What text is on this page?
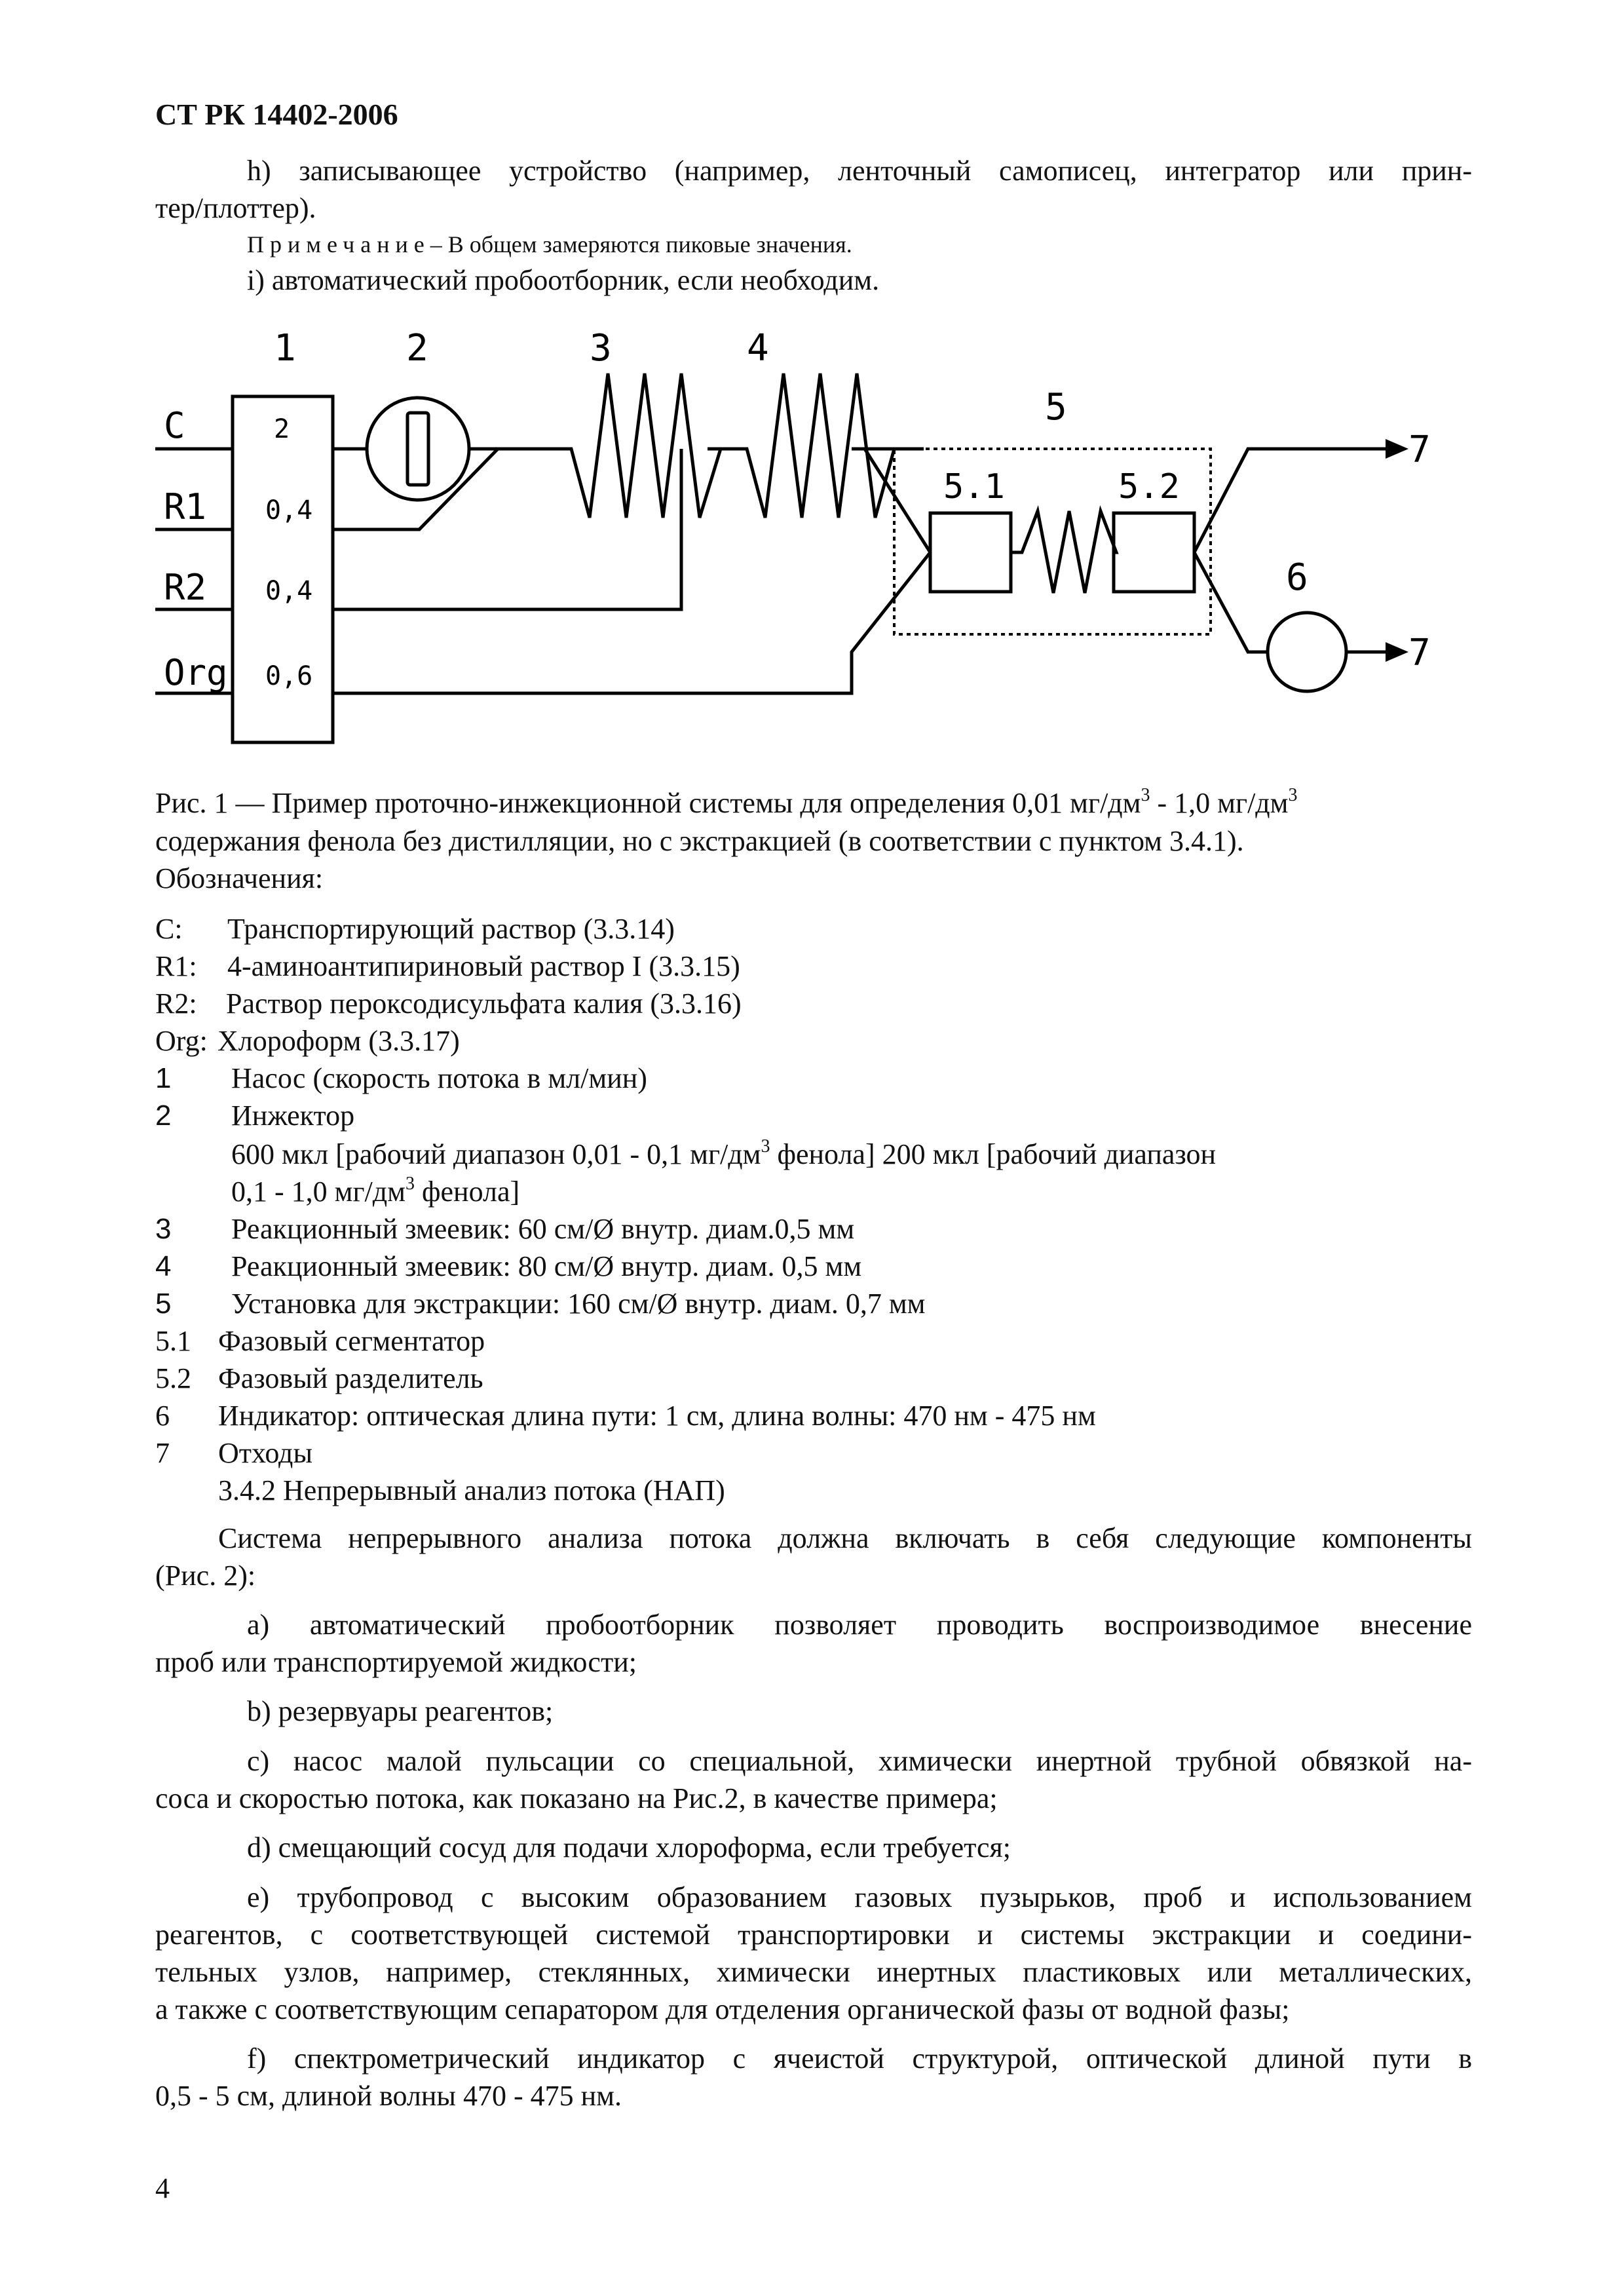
СТ РК 14402-2006
h) записывающее устройство (например, ленточный самописец, интегратор или прин-
тер/плоттер).
Примечание– В общем замеряются пиковые значения.
i) автоматический пробоотборник, если необходим.
1	2	3	4
5
5.1	5.2
6
7
7
C
R1
R2
Org
2
0,4
0,4
0,6
Рис. 1 — Пример проточно-инжекционной системы для определения 0,01 $мг/дм^3 - 1,0$ $мг/дм^3$
содержания фенола без дистилляции, но с экстракцией (в соответствии с пунктом 3.4.1).
Обозначения:
С: Транспортирующий раствор (3.3.14)
R1: 4-аминоантипириновый раствор I (3.3.15)
R2: Раствор пероксодисульфата калия (3.3.16)
Org: Хлороформ (3.3.17)
1 Насос (скорость потока в мл/мин)
2 Инжектор
600 мкл [рабочий диапазон 0,01 - 0,1 $мг/дм^3$ фенола] 200 мкл [рабочий диапазон
0,1 - 1,0 $мг/дм^3$ фенола]
3 Реакционный змеевик: 60 см/Ø внутр. диам.0,5 мм
4 Реакционный змеевик: 80 см/Ø внутр. диам. 0,5 мм
5 Установка для экстракции: 160 см/Ø внутр. диам. 0,7 мм
5.1 Фазовый сегментатор
5.2 Фазовый разделитель
6 Индикатор: оптическая длина пути: 1 см, длина волны: 470 нм - 475 нм
7 Отходы
3.4.2 Непрерывный анализ потока (НАП)
Система непрерывного анализа потока должна включать в себя следующие компоненты
(Рис. 2):
a) автоматический пробоотборник позволяет проводить воспроизводимое внесение
проб или транспортируемой жидкости;
b) резервуары реагентов;
c) насос малой пульсации со специальной, химически инертной трубной обвязкой на-
соса и скоростью потока, как показано на Рис.2, в качестве примера;
d) смещающий сосуд для подачи хлороформа, если требуется;
e) трубопровод с высоким образованием газовых пузырьков, проб и использованием
реагентов, с соответствующей системой транспортировки и системы экстракции и соедини-
тельных узлов, например, стеклянных, химически инертных пластиковых или металлических,
а также с соответствующим сепаратором для отделения органической фазы от водной фазы;
f) спектрометрический индикатор с ячеистой структурой, оптической длиной пути в
0,5 - 5 см, длиной волны 470 - 475 нм.
4
